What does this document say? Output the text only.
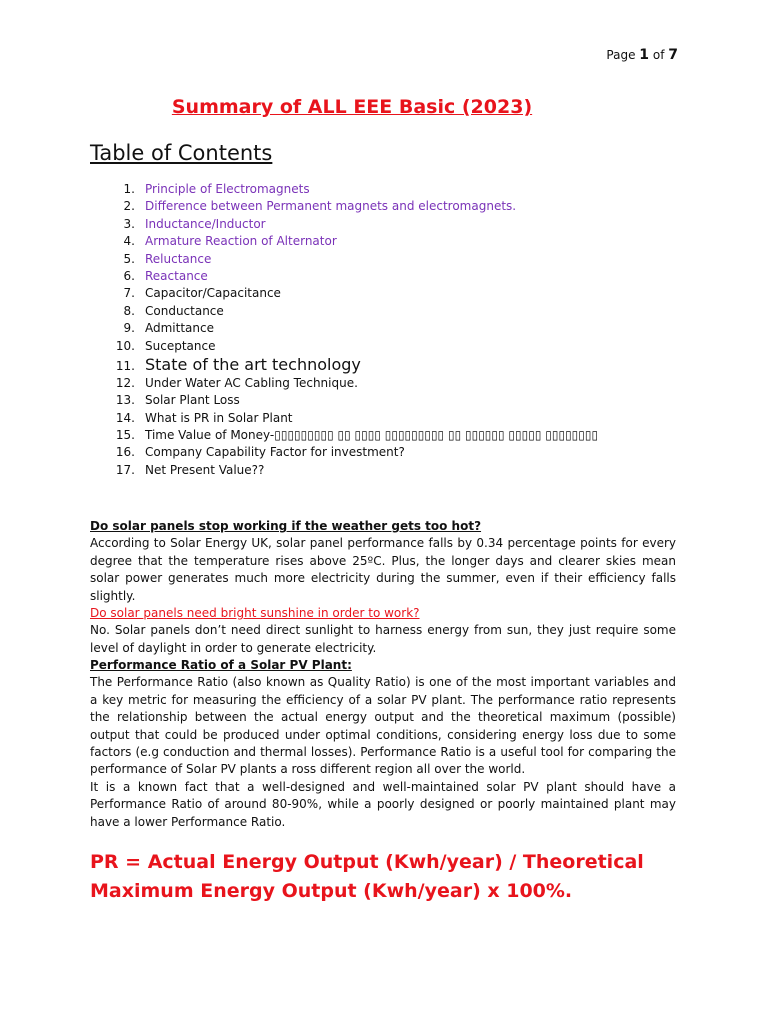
Page 1 of 7
Summary of ALL EEE Basic (2023)
Table of Contents
1. Principle of Electromagnets
2. Difference between Permanent magnets and electromagnets.
3. Inductance/Inductor
4. Armature Reaction of Alternator
5. Reluctance
6. Reactance
7. Capacitor/Capacitance
8. Conductance
9. Admittance
10. Suceptance
11. State of the art technology
12. Under Water AC Cabling Technique.
13. Solar Plant Loss
14. What is PR in Solar Plant
15. Time Value of Money-▯▯▯▯▯▯▯▯▯ ▯▯ ▯▯▯▯ ▯▯▯▯▯▯▯▯▯ ▯▯ ▯▯▯▯▯▯ ▯▯▯▯▯ ▯▯▯▯▯▯▯▯
16. Company Capability Factor for investment?
17. Net Present Value??

Do solar panels stop working if the weather gets too hot?

According to Solar Energy UK, solar panel performance falls by 0.34 percentage points for every degree that the temperature rises above 25ºC. Plus, the longer days and clearer skies mean solar power generates much more electricity during the summer, even if their efficiency falls slightly.

Do solar panels need bright sunshine in order to work?

No. Solar panels don’t need direct sunlight to harness energy from sun, they just require some level of daylight in order to generate electricity.

Performance Ratio of a Solar PV Plant:

The Performance Ratio (also known as Quality Ratio) is one of the most important variables and a key metric for measuring the efficiency of a solar PV plant. The performance ratio represents the relationship between the actual energy output and the theoretical maximum (possible) output that could be produced under optimal conditions, considering energy loss due to some factors (e.g conduction and thermal losses). Performance Ratio is a useful tool for comparing the performance of Solar PV plants a ross different region all over the world.

It is a known fact that a well-designed and well-maintained solar PV plant should have a Performance Ratio of around 80-90%, while a poorly designed or poorly maintained plant may have a lower Performance Ratio.

PR = Actual Energy Output (Kwh/year) / Theoretical Maximum Energy Output (Kwh/year) x 100%.
